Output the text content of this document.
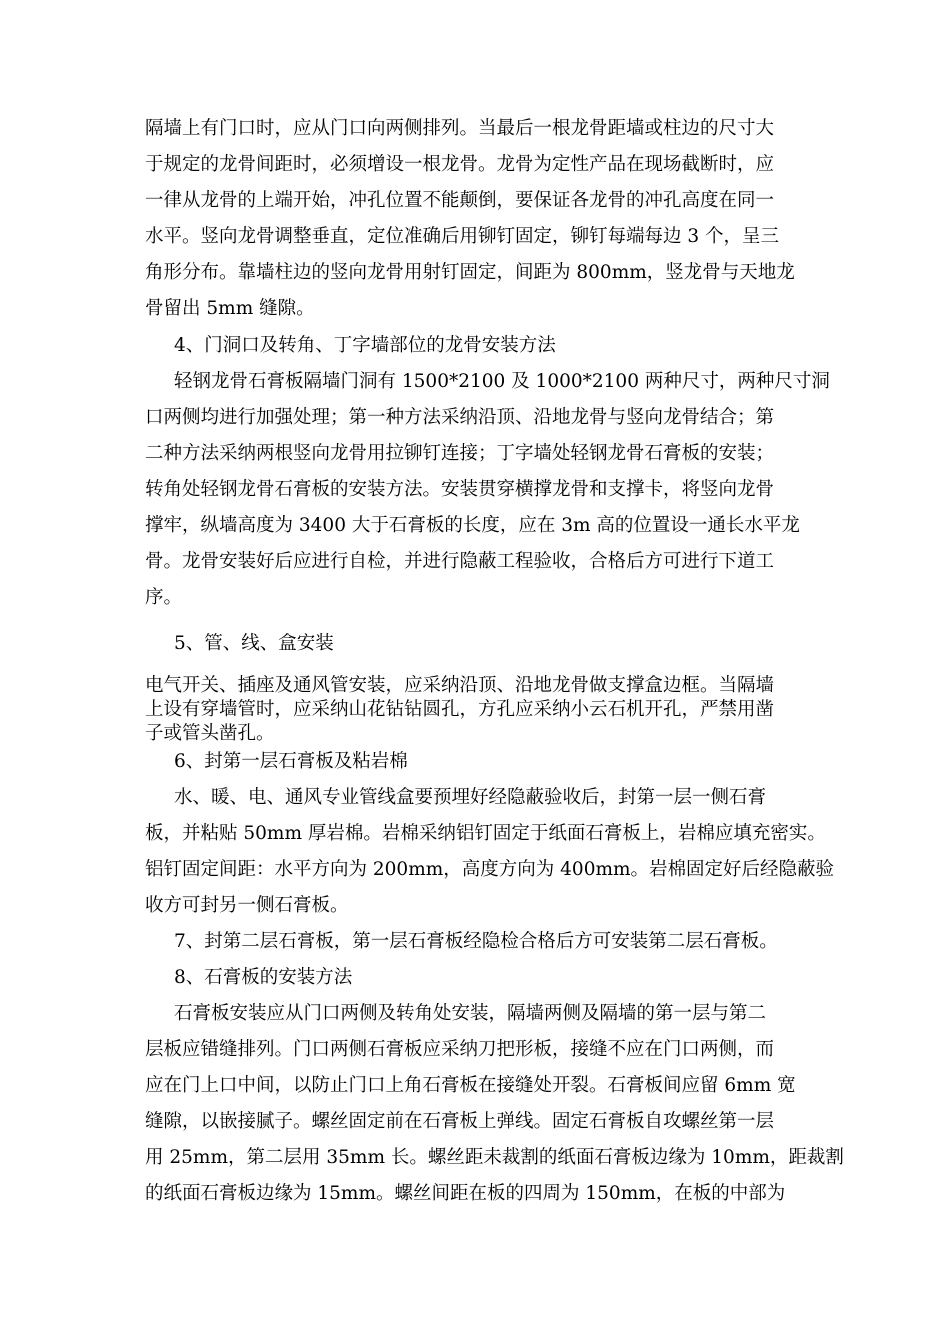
隔墙上有门口时，应从门口向两侧排列。当最后一根龙骨距墙或柱边的尺寸大
于规定的龙骨间距时，必须增设一根龙骨。龙骨为定性产品在现场截断时，应
一律从龙骨的上端开始，冲孔位置不能颠倒，要保证各龙骨的冲孔高度在同一
水平。竖向龙骨调整垂直，定位准确后用铆钉固定，铆钉每端每边 3 个，呈三
角形分布。靠墙柱边的竖向龙骨用射钉固定，间距为 800mm，竖龙骨与天地龙
骨留出 5mm 缝隙。
4、门洞口及转角、丁字墙部位的龙骨安装方法
轻钢龙骨石膏板隔墙门洞有 1500*2100 及 1000*2100 两种尺寸，两种尺寸洞
口两侧均进行加强处理；第一种方法采纳沿顶、沿地龙骨与竖向龙骨结合；第
二种方法采纳两根竖向龙骨用拉铆钉连接；丁字墙处轻钢龙骨石膏板的安装；
转角处轻钢龙骨石膏板的安装方法。安装贯穿横撑龙骨和支撑卡，将竖向龙骨
撑牢，纵墙高度为 3400 大于石膏板的长度，应在 3m 高的位置设一通长水平龙
骨。龙骨安装好后应进行自检，并进行隐蔽工程验收，合格后方可进行下道工
序。
5、管、线、盒安装
电气开关、插座及通风管安装，应采纳沿顶、沿地龙骨做支撑盒边框。当隔墙
上设有穿墙管时，应采纳山花钻钻圆孔，方孔应采纳小云石机开孔，严禁用凿
子或管头凿孔。
6、封第一层石膏板及粘岩棉
水、暖、电、通风专业管线盒要预埋好经隐蔽验收后，封第一层一侧石膏
板，并粘贴 50mm 厚岩棉。岩棉采纳铝钉固定于纸面石膏板上，岩棉应填充密实。
铝钉固定间距：水平方向为 200mm，高度方向为 400mm。岩棉固定好后经隐蔽验
收方可封另一侧石膏板。
7、封第二层石膏板，第一层石膏板经隐检合格后方可安装第二层石膏板。
8、石膏板的安装方法
石膏板安装应从门口两侧及转角处安装，隔墙两侧及隔墙的第一层与第二
层板应错缝排列。门口两侧石膏板应采纳刀把形板，接缝不应在门口两侧，而
应在门上口中间，以防止门口上角石膏板在接缝处开裂。石膏板间应留 6mm 宽
缝隙，以嵌接腻子。螺丝固定前在石膏板上弹线。固定石膏板自攻螺丝第一层
用 25mm，第二层用 35mm 长。螺丝距未裁割的纸面石膏板边缘为 10mm，距裁割
的纸面石膏板边缘为 15mm。螺丝间距在板的四周为 150mm，在板的中部为
